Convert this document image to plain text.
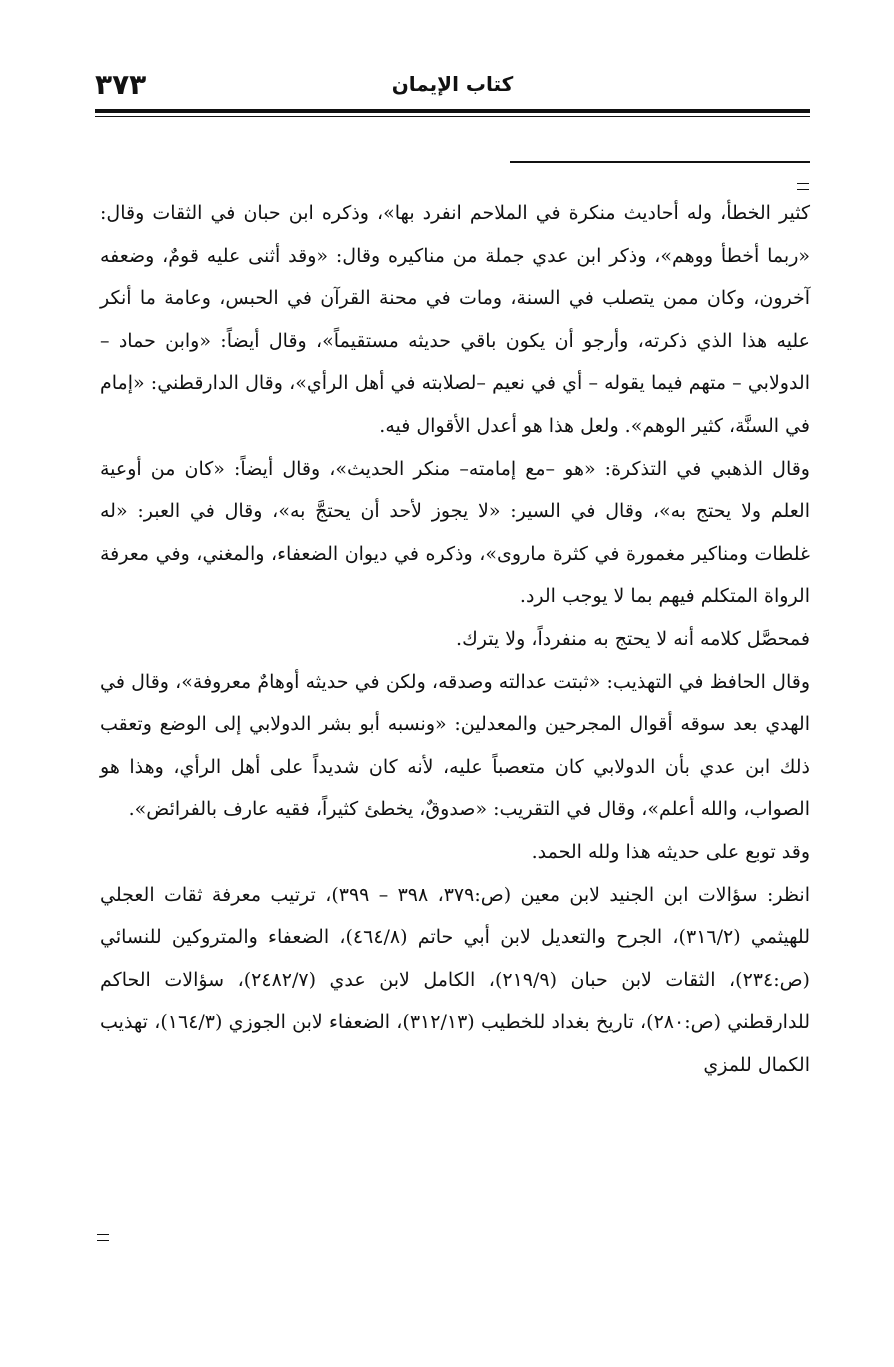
٣٧٣	كتاب الإيمان

كثير الخطأ، وله أحاديث منكرة في الملاحم انفرد بها»، وذكره ابن حبان في الثقات وقال: «ربما أخطأ ووهم»، وذكر ابن عدي جملة من مناكيره وقال: «وقد أثنى عليه قومٌ، وضعفه آخرون، وكان ممن يتصلب في السنة، ومات في محنة القرآن في الحبس، وعامة ما أنكر عليه هذا الذي ذكرته، وأرجو أن يكون باقي حديثه مستقيماً»، وقال أيضاً: «وابن حماد – الدولابي – متهم فيما يقوله – أي في نعيم –لصلابته في أهل الرأي»، وقال الدارقطني: «إمام في السنَّة، كثير الوهم». ولعل هذا هو أعدل الأقوال فيه.

وقال الذهبي في التذكرة: «هو –مع إمامته– منكر الحديث»، وقال أيضاً: «كان من أوعية العلم ولا يحتج به»، وقال في السير: «لا يجوز لأحد أن يحتجَّ به»، وقال في العبر: «له غلطات ومناكير مغمورة في كثرة ماروى»، وذكره في ديوان الضعفاء، والمغني، وفي معرفة الرواة المتكلم فيهم بما لا يوجب الرد.

فمحصَّل كلامه أنه لا يحتج به منفرداً، ولا يترك.

وقال الحافظ في التهذيب: «ثبتت عدالته وصدقه، ولكن في حديثه أوهامٌ معروفة»، وقال في الهدي بعد سوقه أقوال المجرحين والمعدلين: «ونسبه أبو بشر الدولابي إلى الوضع وتعقب ذلك ابن عدي بأن الدولابي كان متعصباً عليه، لأنه كان شديداً على أهل الرأي، وهذا هو الصواب، والله أعلم»، وقال في التقريب: «صدوقٌ، يخطئ كثيراً، فقيه عارف بالفرائض».

وقد توبع على حديثه هذا ولله الحمد.

انظر: سؤالات ابن الجنيد لابن معين (ص:٣٧٩، ٣٩٨ – ٣٩٩)، ترتيب معرفة ثقات العجلي للهيثمي (٣١٦/٢)، الجرح والتعديل لابن أبي حاتم (٤٦٤/٨)، الضعفاء والمتروكين للنسائي (ص:٢٣٤)، الثقات لابن حبان (٢١٩/٩)، الكامل لابن عدي (٢٤٨٢/٧)، سؤالات الحاكم للدارقطني (ص:٢٨٠)، تاريخ بغداد للخطيب (٣١٢/١٣)، الضعفاء لابن الجوزي (١٦٤/٣)، تهذيب الكمال للمزي
